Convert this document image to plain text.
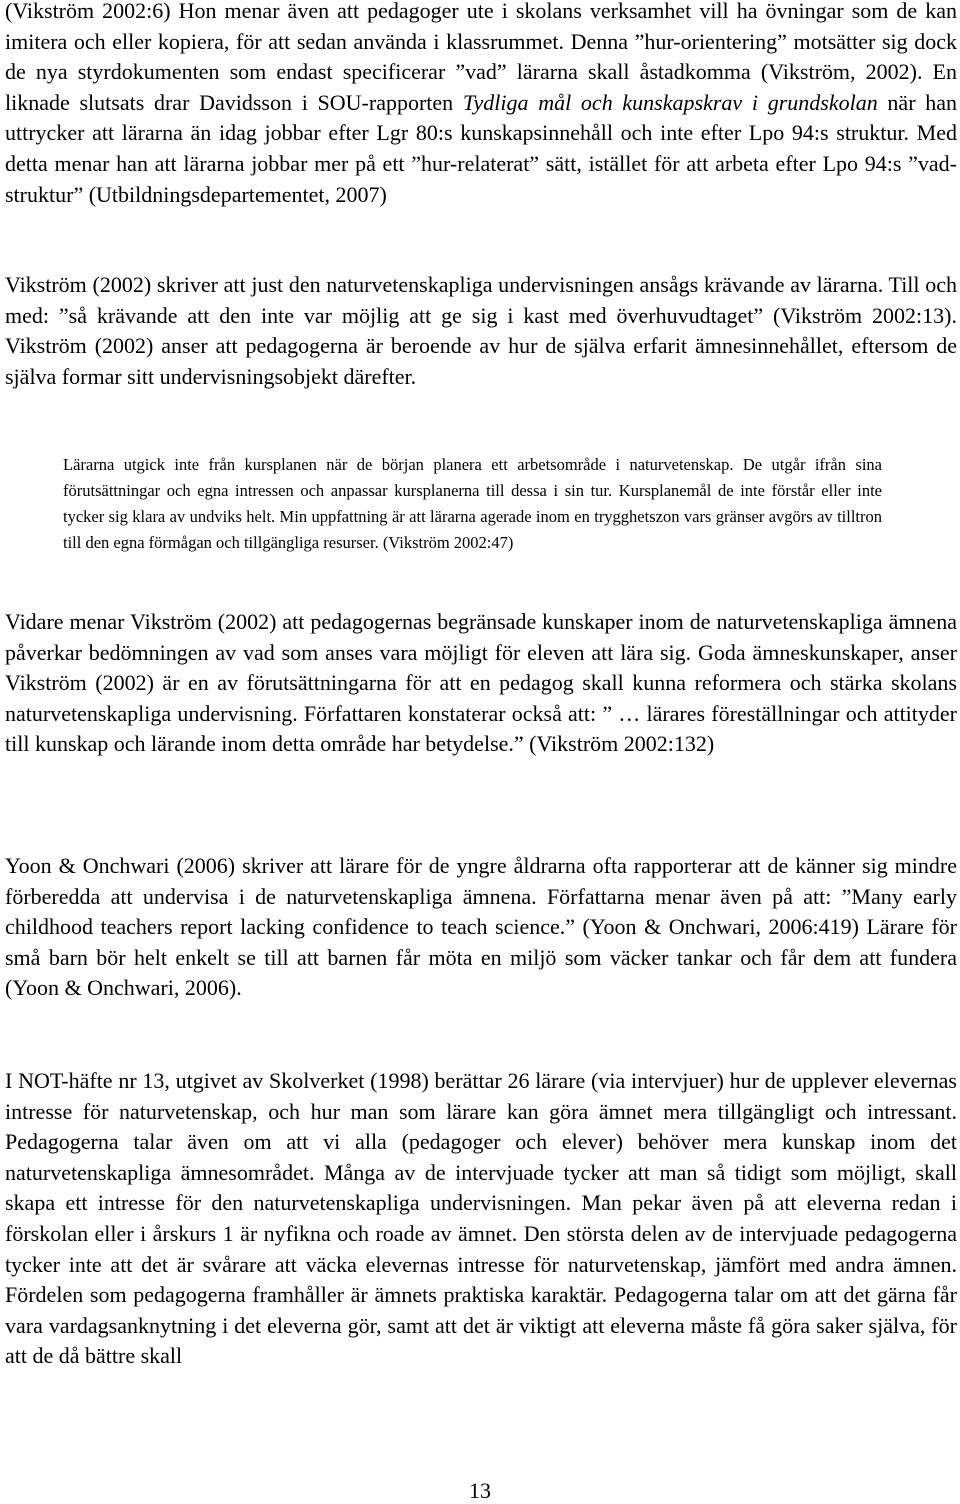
(Vikström 2002:6) Hon menar även att pedagoger ute i skolans verksamhet vill ha övningar som de kan imitera och eller kopiera, för att sedan använda i klassrummet. Denna ”hur-orientering” motsätter sig dock de nya styrdokumenten som endast specificerar ”vad” lärarna skall åstadkomma (Vikström, 2002). En liknade slutsats drar Davidsson i SOU-rapporten Tydliga mål och kunskapskrav i grundskolan när han uttrycker att lärarna än idag jobbar efter Lgr 80:s kunskapsinnehåll och inte efter Lpo 94:s struktur. Med detta menar han att lärarna jobbar mer på ett ”hur-relaterat” sätt, istället för att arbeta efter Lpo 94:s ”vad-struktur” (Utbildningsdepartementet, 2007)

Vikström (2002) skriver att just den naturvetenskapliga undervisningen ansågs krävande av lärarna. Till och med: ”så krävande att den inte var möjlig att ge sig i kast med överhuvudtaget” (Vikström 2002:13). Vikström (2002) anser att pedagogerna är beroende av hur de själva erfarit ämnesinnehållet, eftersom de själva formar sitt undervisningsobjekt därefter.

Lärarna utgick inte från kursplanen när de början planera ett arbetsområde i naturvetenskap. De utgår ifrån sina förutsättningar och egna intressen och anpassar kursplanerna till dessa i sin tur. Kursplanemål de inte förstår eller inte tycker sig klara av undviks helt. Min uppfattning är att lärarna agerade inom en trygghetszon vars gränser avgörs av tilltron till den egna förmågan och tillgängliga resurser. (Vikström 2002:47)

Vidare menar Vikström (2002) att pedagogernas begränsade kunskaper inom de naturvetenskapliga ämnena påverkar bedömningen av vad som anses vara möjligt för eleven att lära sig. Goda ämneskunskaper, anser Vikström (2002) är en av förutsättningarna för att en pedagog skall kunna reformera och stärka skolans naturvetenskapliga undervisning. Författaren konstaterar också att: ” … lärares föreställningar och attityder till kunskap och lärande inom detta område har betydelse.” (Vikström 2002:132)

Yoon & Onchwari (2006) skriver att lärare för de yngre åldrarna ofta rapporterar att de känner sig mindre förberedda att undervisa i de naturvetenskapliga ämnena. Författarna menar även på att: ”Many early childhood teachers report lacking confidence to teach science.” (Yoon & Onchwari, 2006:419) Lärare för små barn bör helt enkelt se till att barnen får möta en miljö som väcker tankar och får dem att fundera (Yoon & Onchwari, 2006).

I NOT-häfte nr 13, utgivet av Skolverket (1998) berättar 26 lärare (via intervjuer) hur de upplever elevernas intresse för naturvetenskap, och hur man som lärare kan göra ämnet mera tillgängligt och intressant. Pedagogerna talar även om att vi alla (pedagoger och elever) behöver mera kunskap inom det naturvetenskapliga ämnesområdet. Många av de intervjuade tycker att man så tidigt som möjligt, skall skapa ett intresse för den naturvetenskapliga undervisningen. Man pekar även på att eleverna redan i förskolan eller i årskurs 1 är nyfikna och roade av ämnet. Den största delen av de intervjuade pedagogerna tycker inte att det är svårare att väcka elevernas intresse för naturvetenskap, jämfört med andra ämnen. Fördelen som pedagogerna framhåller är ämnets praktiska karaktär. Pedagogerna talar om att det gärna får vara vardagsanknytning i det eleverna gör, samt att det är viktigt att eleverna måste få göra saker själva, för att de då bättre skall

13
